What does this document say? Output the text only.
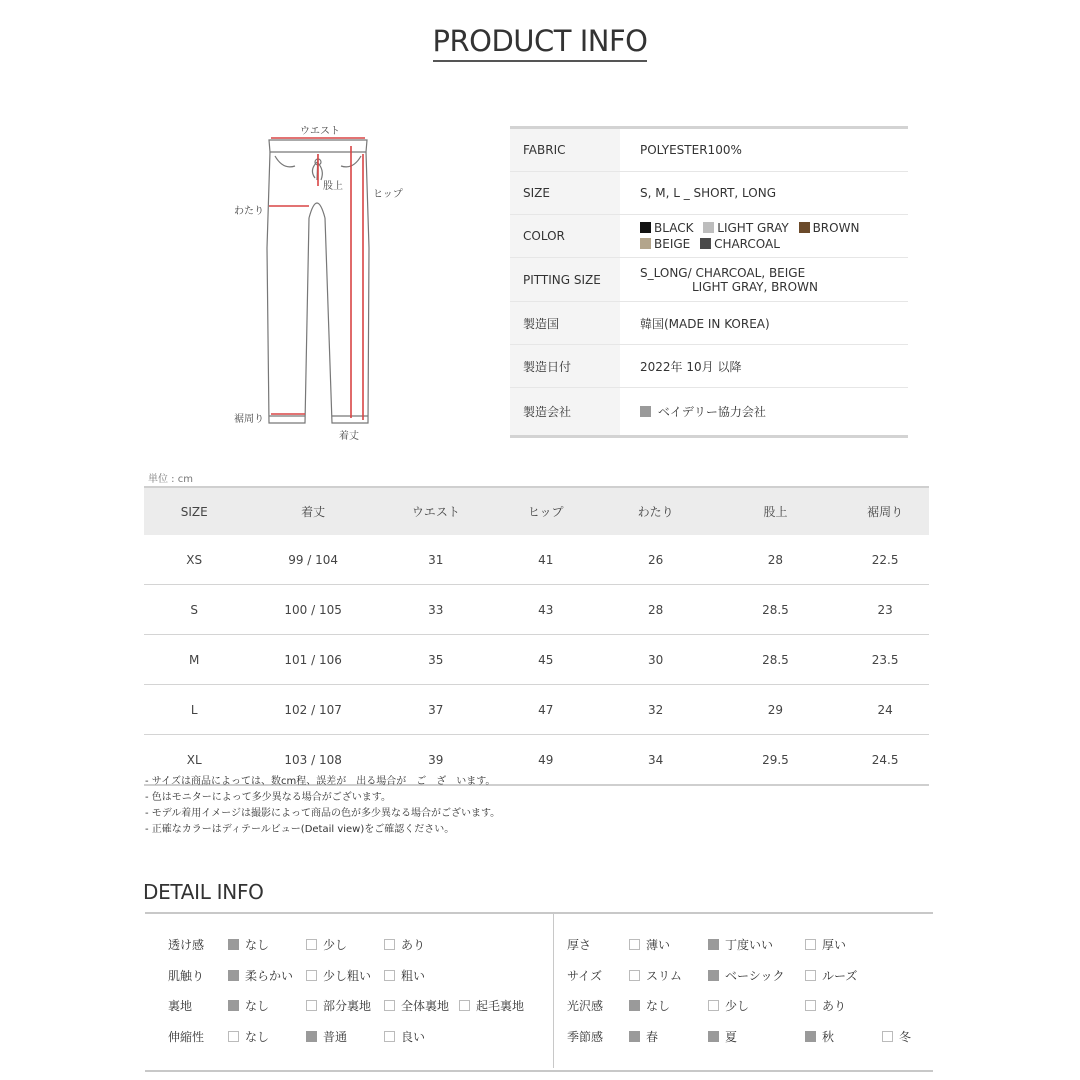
PRODUCT INFO
ウエスト
股上
ヒップ
わたり
裾周り
着丈
FABRIC	POLYESTER100%
SIZE	S, M, L _ SHORT, LONG
COLOR
BLACK LIGHT GRAY BROWN
BEIGE CHARCOAL
PITTING SIZE	S_LONG/ CHARCOAL, BEIGE
LIGHT GRAY, BROWN
製造国	韓国(MADE IN KOREA)
製造日付	2022年 10月 以降
製造会社	ベイデリー協力会社
単位 : cm
SIZE	着丈	ウエスト	ヒップ	わたり	股上	裾周り
XS	99 / 104	31	41	26	28	22.5
S	100 / 105	33	43	28	28.5	23
M	101 / 106	35	45	30	28.5	23.5
L	102 / 107	37	47	32	29	24
XL	103 / 108	39	49	34	29.5	24.5
- サイズは商品によっては、数cm程、誤差が　出る場合が　ご　ざ　います。
- 色はモニターによって多少異なる場合がございます。
- モデル着用イメージは撮影によって商品の色が多少異なる場合がございます。
- 正確なカラーはディテールビュー(Detail view)をご確認ください。
DETAIL INFO
透け感	なし	少し	あり
肌触り	柔らかい	少し粗い	粗い
裏地	なし	部分裏地	全体裏地	起毛裏地
伸縮性	なし	普通	良い
厚さ	薄い	丁度いい	厚い
サイズ	スリム	ベーシック	ルーズ
光沢感	なし	少し	あり
季節感	春	夏	秋	冬
